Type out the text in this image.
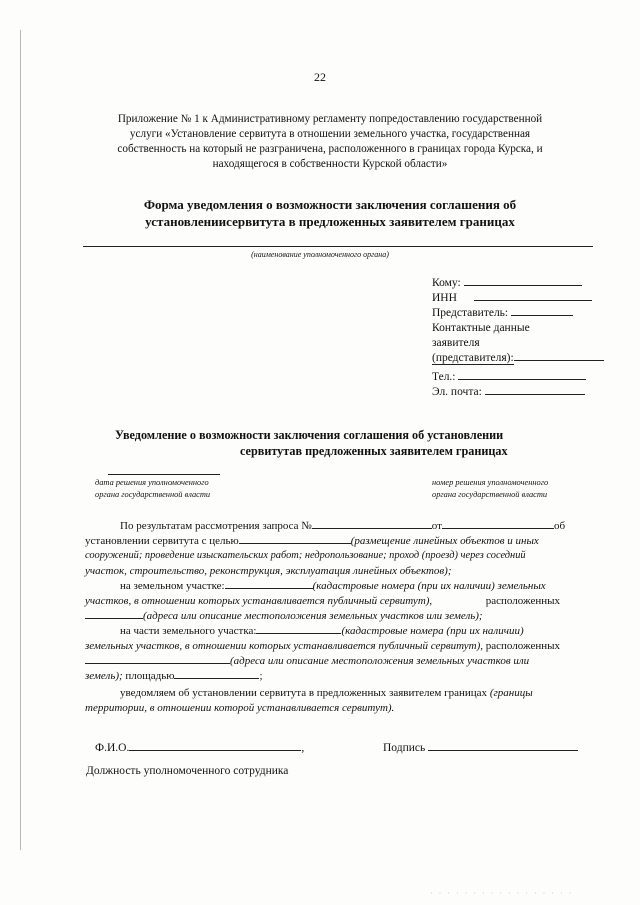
22
Приложение № 1 к Административному регламенту попредоставлению государственной
услуги «Установление сервитута в отношении земельного участка, государственная
собственность на который не разграничена, расположенного в границах города Курска, и
находящегося в собственности Курской области»
Форма уведомления о возможности заключения соглашения об
установлениисервитута в предложенных заявителем границах
(наименование уполномоченного органа)
Кому:
ИНН
Представитель:
Контактные данные
заявителя
(представителя):
Тел.:
Эл. почта:
Уведомление о возможности заключения соглашения об установлении
сервитутав предложенных заявителем границах
дата решения уполномоченного
органа государственной власти
номер решения уполномоченного
органа государственной власти
По результатам рассмотрения запроса №	от	об
установлении сервитута с целью	(размещение линейных объектов и иных
сооружений; проведение изыскательских работ; недропользование; проход (проезд) через соседний
участок, строительство, реконструкция, эксплуатация линейных объектов);
на земельном участке:	(кадастровые номера (при их наличии) земельных
участков, в отношении которых устанавливается публичный сервитут),	расположенных
(адреса или описание местоположения земельных участков или земель);
на части земельного участка:	(кадастровые номера (при их наличии)
земельных участков, в отношении которых устанавливается публичный сервитут), расположенных
(адреса или описание местоположения земельных участков или
земель); площадью	;
уведомляем об установлении сервитута в предложенных заявителем границах (границы
территории, в отношении которой устанавливается сервитут).
Ф.И.О.	,	Подпись
Должность уполномоченного сотрудника
· · · · · · · · · · · · · · · · ·
